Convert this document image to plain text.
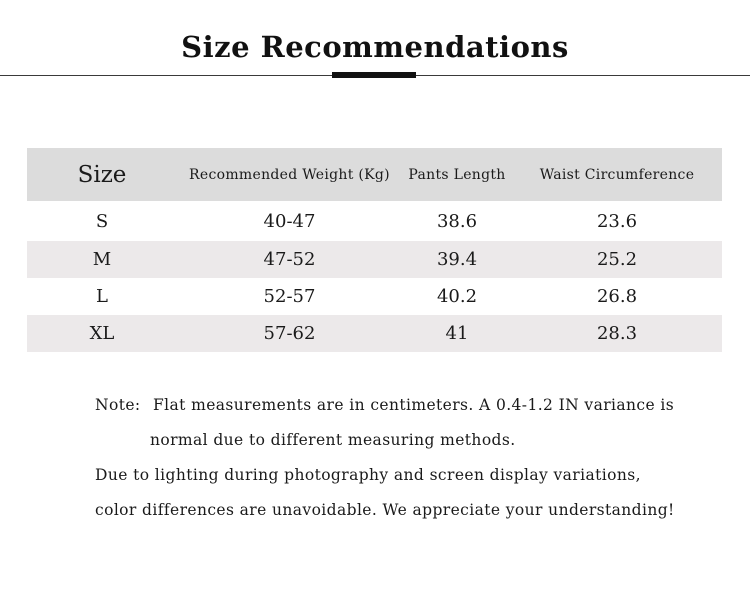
Size Recommendations
Size	Recommended Weight (Kg)	Pants Length	Waist Circumference
S	40-47	38.6	23.6
M	47-52	39.4	25.2
L	52-57	40.2	26.8
XL	57-62	41	28.3
Note: Flat measurements are in centimeters. A 0.4-1.2 IN variance is
normal due to different measuring methods.
Due to lighting during photography and screen display variations,
color differences are unavoidable. We appreciate your understanding!
